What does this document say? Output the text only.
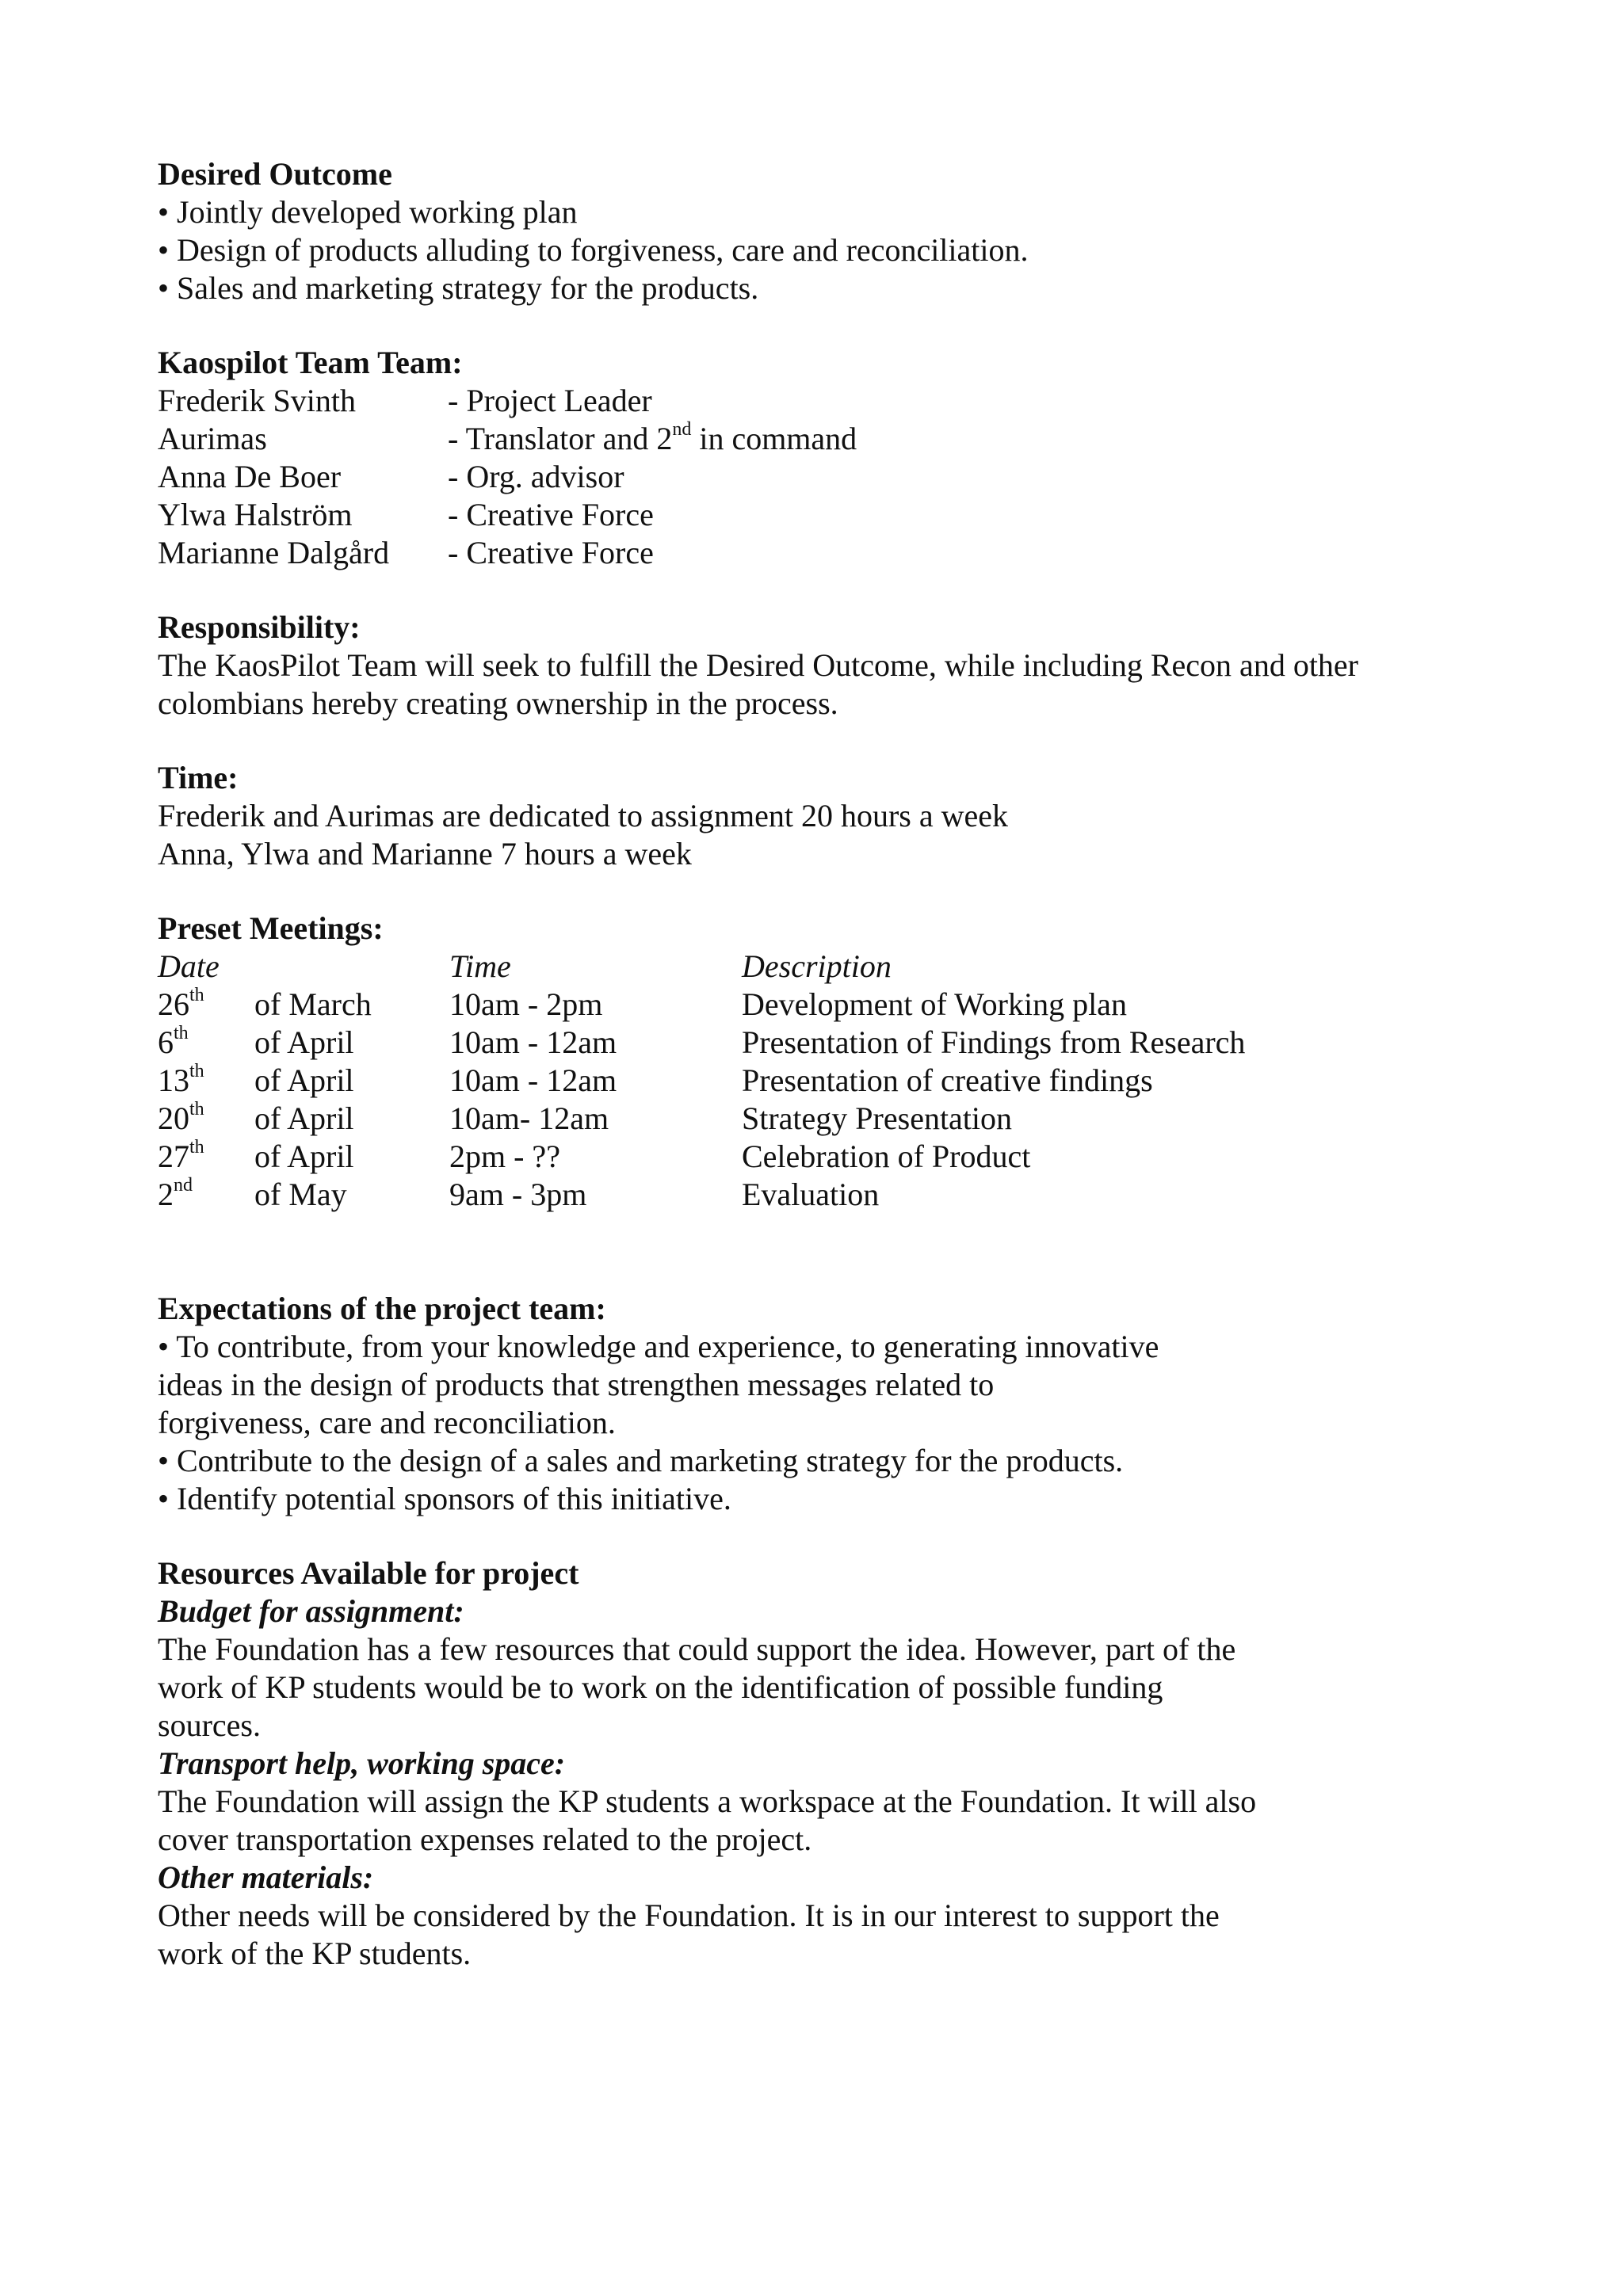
Desired Outcome
• Jointly developed working plan
• Design of products alluding to forgiveness, care and reconciliation.
• Sales and marketing strategy for the products.
Kaospilot Team Team:
Frederik Svinth	- Project Leader
Aurimas	- Translator and 2nd in command
Anna De Boer	- Org. advisor
Ylwa Halström	- Creative Force
Marianne Dalgård - Creative Force
Responsibility:
The KaosPilot Team will seek to fulfill the Desired Outcome, while including Recon and other
colombians hereby creating ownership in the process.
Time:
Frederik and Aurimas are dedicated to assignment 20 hours a week
Anna, Ylwa and Marianne 7 hours a week
Preset Meetings:
Date	Time	Description
26th of March 10am - 2pm	Development of Working plan
6th of April	10am - 12am	Presentation of Findings from Research
13th of April	10am - 12am	Presentation of creative findings
20th of April	10am- 12am	Strategy Presentation
27th of April	2pm - ??	Celebration of Product
2nd of May	9am - 3pm	Evaluation
Expectations of the project team:
• To contribute, from your knowledge and experience, to generating innovative
ideas in the design of products that strengthen messages related to
forgiveness, care and reconciliation.
• Contribute to the design of a sales and marketing strategy for the products.
• Identify potential sponsors of this initiative.
Resources Available for project
Budget for assignment:
The Foundation has a few resources that could support the idea. However, part of the
work of KP students would be to work on the identification of possible funding
sources.
Transport help, working space:
The Foundation will assign the KP students a workspace at the Foundation. It will also
cover transportation expenses related to the project.
Other materials:
Other needs will be considered by the Foundation. It is in our interest to support the
work of the KP students.
